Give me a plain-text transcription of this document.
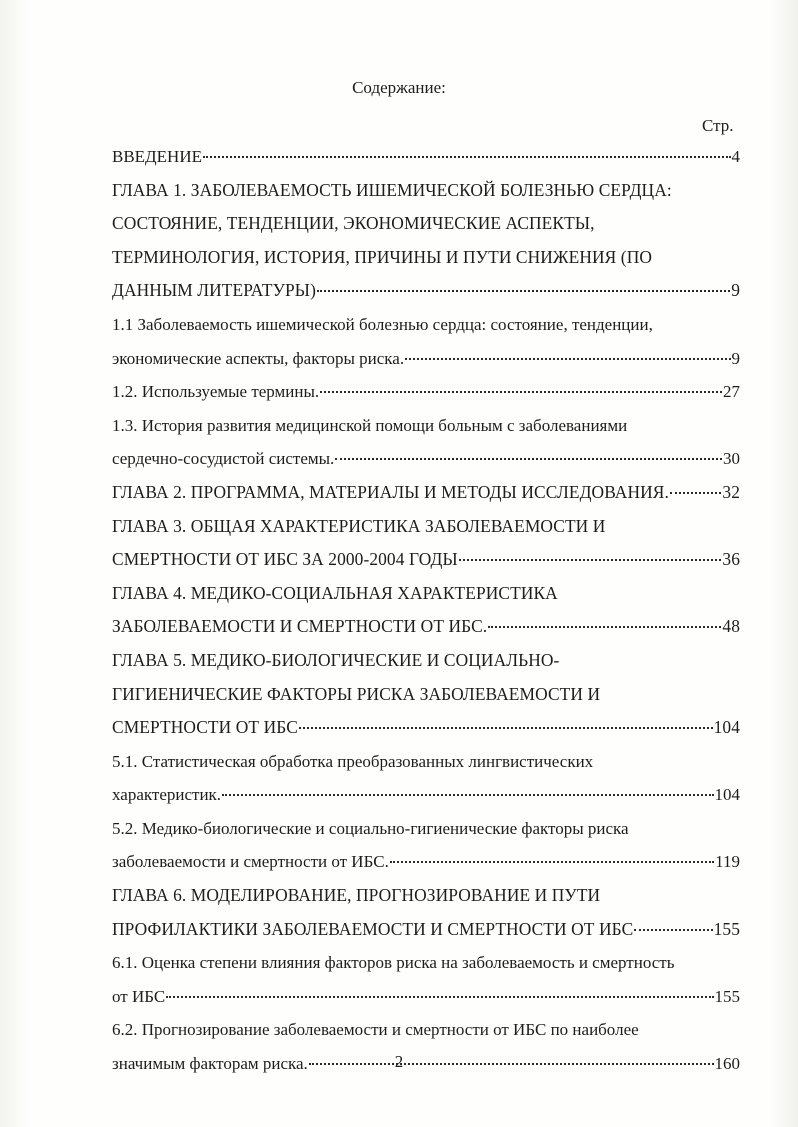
Содержание:
Стр.
ВВЕДЕНИЕ	4
ГЛАВА 1. ЗАБОЛЕВАЕМОСТЬ ИШЕМИЧЕСКОЙ БОЛЕЗНЬЮ СЕРДЦА:
СОСТОЯНИЕ, ТЕНДЕНЦИИ, ЭКОНОМИЧЕСКИЕ АСПЕКТЫ,
ТЕРМИНОЛОГИЯ, ИСТОРИЯ, ПРИЧИНЫ И ПУТИ СНИЖЕНИЯ (ПО
ДАННЫМ ЛИТЕРАТУРЫ)	9
1.1 Заболеваемость ишемической болезнью сердца: состояние, тенденции,
экономические аспекты, факторы риска.	9
1.2. Используемые термины.	27
1.3. История развития медицинской помощи больным с заболеваниями
сердечно-сосудистой системы.	30
ГЛАВА 2. ПРОГРАММА, МАТЕРИАЛЫ И МЕТОДЫ ИССЛЕДОВАНИЯ.	32
ГЛАВА 3. ОБЩАЯ ХАРАКТЕРИСТИКА ЗАБОЛЕВАЕМОСТИ И
СМЕРТНОСТИ ОТ ИБС ЗА 2000-2004 ГОДЫ	36
ГЛАВА 4. МЕДИКО-СОЦИАЛЬНАЯ ХАРАКТЕРИСТИКА
ЗАБОЛЕВАЕМОСТИ И СМЕРТНОСТИ ОТ ИБС.	48
ГЛАВА 5. МЕДИКО-БИОЛОГИЧЕСКИЕ И СОЦИАЛЬНО-
ГИГИЕНИЧЕСКИЕ ФАКТОРЫ РИСКА ЗАБОЛЕВАЕМОСТИ И
СМЕРТНОСТИ ОТ ИБС	104
5.1. Статистическая обработка преобразованных лингвистических
характеристик.	104
5.2. Медико-биологические и социально-гигиенические факторы риска
заболеваемости и смертности от ИБС.	119
ГЛАВА 6. МОДЕЛИРОВАНИЕ, ПРОГНОЗИРОВАНИЕ И ПУТИ
ПРОФИЛАКТИКИ ЗАБОЛЕВАЕМОСТИ И СМЕРТНОСТИ ОТ ИБС	155
6.1. Оценка степени влияния факторов риска на заболеваемость и смертность
от ИБС	155
6.2. Прогнозирование заболеваемости и смертности от ИБС по наиболее
значимым факторам риска.	160
2
